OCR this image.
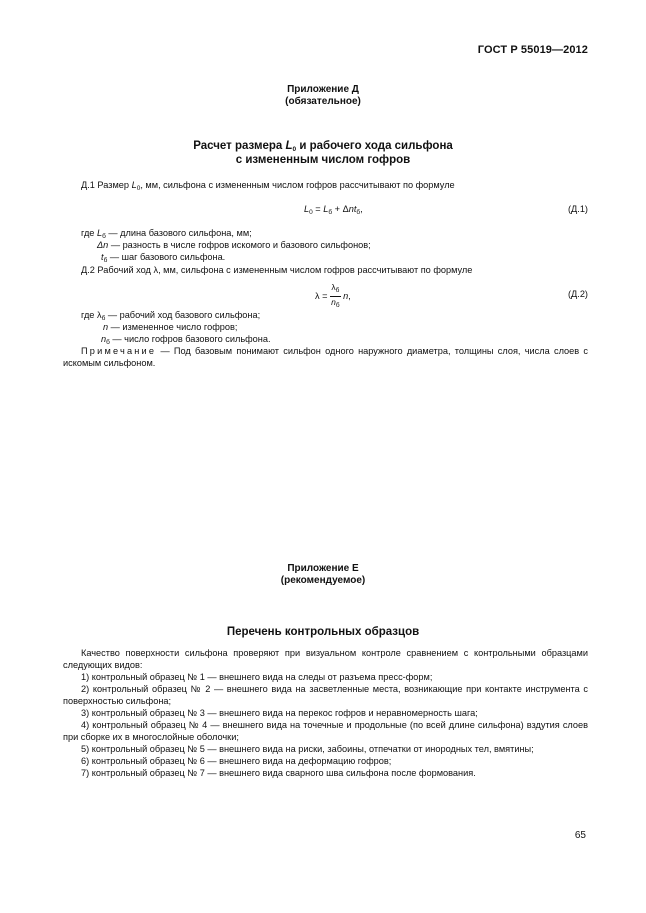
ГОСТ Р 55019—2012
Приложение Д
(обязательное)
Расчет размера $L_0$ и рабочего хода сильфона
с измененным числом гофров
Д.1 Размер $L_0$, мм, сильфона с измененным числом гофров рассчитывают по формуле
$L_0 = L_б + \Delta nt_б$,	(Д.1)
где $L_б$ — длина базового сильфона, мм;
Δn — разность в числе гофров искомого и базового сильфонов;
$t_б$ — шаг базового сильфона.
Д.2 Рабочий ход λ, мм, сильфона с измененным числом гофров рассчитывают по формуле
$\lambda = \frac{\lambda_б}{n_б} n$,	(Д.2)
где $\lambda_б$ — рабочий ход базового сильфона;
n — измененное число гофров;
$n_б$ — число гофров базового сильфона.
Примечание — Под базовым понимают сильфон одного наружного диаметра, толщины слоя, числа слоев с искомым сильфоном.
Приложение Е
(рекомендуемое)
Перечень контрольных образцов
Качество поверхности сильфона проверяют при визуальном контроле сравнением с контрольными образцами следующих видов:
1) контрольный образец № 1 — внешнего вида на следы от разъема пресс-форм;
2) контрольный образец № 2 — внешнего вида на засветленные места, возникающие при контакте инструмента с поверхностью сильфона;
3) контрольный образец № 3 — внешнего вида на перекос гофров и неравномерность шага;
4) контрольный образец № 4 — внешнего вида на точечные и продольные (по всей длине сильфона) вздутия слоев при сборке их в многослойные оболочки;
5) контрольный образец № 5 — внешнего вида на риски, забоины, отпечатки от инородных тел, вмятины;
6) контрольный образец № 6 — внешнего вида на деформацию гофров;
7) контрольный образец № 7 — внешнего вида сварного шва сильфона после формования.
65
